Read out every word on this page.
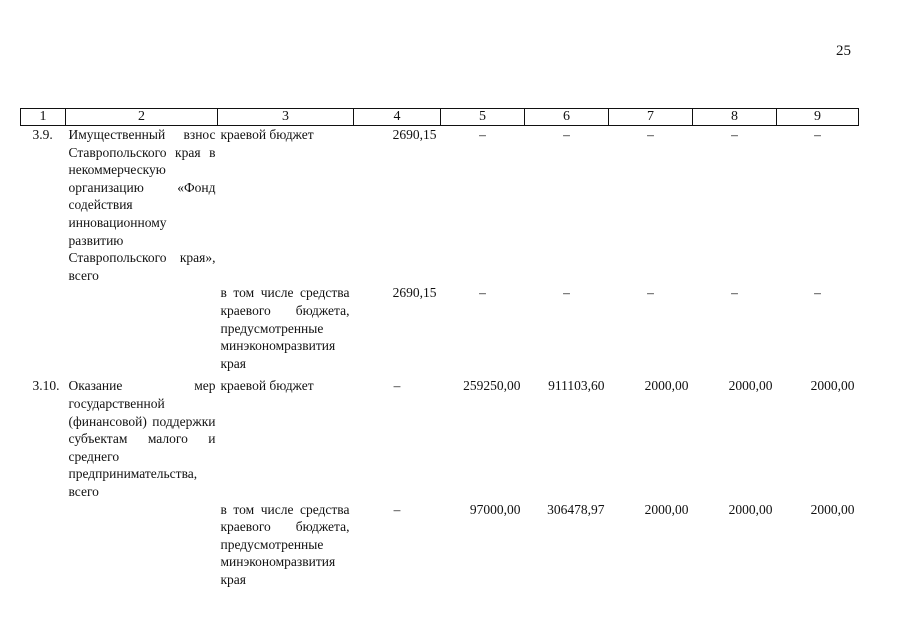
25
1	2	3	4	5	6	7	8	9
3.9.	Имущественный взнос Ставропольского края в некоммерческую организацию «Фонд содействия инновационному развитию Ставропольского края», всего	краевой бюджет	2690,15	–	–	–	–	–
		в том числе средства краевого бюджета, предусмотренные минэкономразвития края	2690,15	–	–	–	–	–
3.10.	Оказание мер государственной (финансовой) поддержки субъектам малого и среднего предпринимательства, всего	краевой бюджет	–	259250,00	911103,60	2000,00	2000,00	2000,00
		в том числе средства краевого бюджета, предусмотренные минэкономразвития края	–	97000,00	306478,97	2000,00	2000,00	2000,00
